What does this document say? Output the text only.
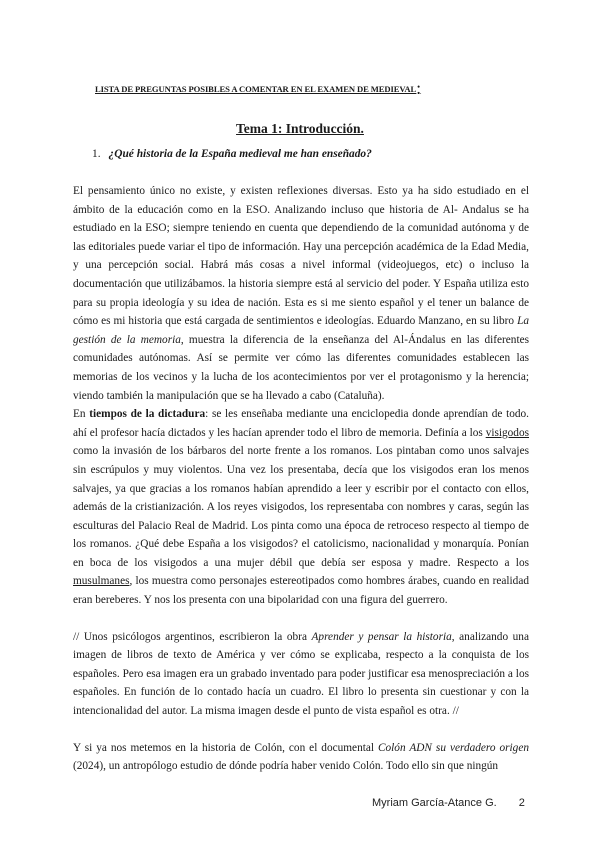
LISTA DE PREGUNTAS POSIBLES A COMENTAR EN EL EXAMEN DE MEDIEVAL:
Tema 1: Introducción.
1. ¿Qué historia de la España medieval me han enseñado?

El pensamiento único no existe, y existen reflexiones diversas. Esto ya ha sido estudiado en el ámbito de la educación como en la ESO. Analizando incluso que historia de Al- Andalus se ha estudiado en la ESO; siempre teniendo en cuenta que dependiendo de la comunidad autónoma y de las editoriales puede variar el tipo de información. Hay una percepción académica de la Edad Media, y una percepción social. Habrá más cosas a nivel informal (videojuegos, etc) o incluso la documentación que utilizábamos. la historia siempre está al servicio del poder. Y España utiliza esto para su propia ideología y su idea de nación. Esta es si me siento español y el tener un balance de cómo es mi historia que está cargada de sentimientos e ideologías. Eduardo Manzano, en su libro La gestión de la memoria, muestra la diferencia de la enseñanza del Al-Ándalus en las diferentes comunidades autónomas. Así se permite ver cómo las diferentes comunidades establecen las memorias de los vecinos y la lucha de los acontecimientos por ver el protagonismo y la herencia; viendo también la manipulación que se ha llevado a cabo (Cataluña).

En tiempos de la dictadura: se les enseñaba mediante una enciclopedia donde aprendían de todo. ahí el profesor hacía dictados y les hacían aprender todo el libro de memoria. Definía a los visigodos como la invasión de los bárbaros del norte frente a los romanos. Los pintaban como unos salvajes sin escrúpulos y muy violentos. Una vez los presentaba, decía que los visigodos eran los menos salvajes, ya que gracias a los romanos habían aprendido a leer y escribir por el contacto con ellos, además de la cristianización. A los reyes visigodos, los representaba con nombres y caras, según las esculturas del Palacio Real de Madrid. Los pinta como una época de retroceso respecto al tiempo de los romanos. ¿Qué debe España a los visigodos? el catolicismo, nacionalidad y monarquía. Ponían en boca de los visigodos a una mujer débil que debía ser esposa y madre. Respecto a los musulmanes, los muestra como personajes estereotipados como hombres árabes, cuando en realidad eran bereberes. Y nos los presenta con una bipolaridad con una figura del guerrero.

// Unos psicólogos argentinos, escribieron la obra Aprender y pensar la historia, analizando una imagen de libros de texto de América y ver cómo se explicaba, respecto a la conquista de los españoles. Pero esa imagen era un grabado inventado para poder justificar esa menospreciación a los españoles. En función de lo contado hacía un cuadro. El libro lo presenta sin cuestionar y con la intencionalidad del autor. La misma imagen desde el punto de vista español es otra. //

Y si ya nos metemos en la historia de Colón, con el documental Colón ADN su verdadero origen (2024), un antropólogo estudio de dónde podría haber venido Colón. Todo ello sin que ningún

Myriam García-Atance G. 2
